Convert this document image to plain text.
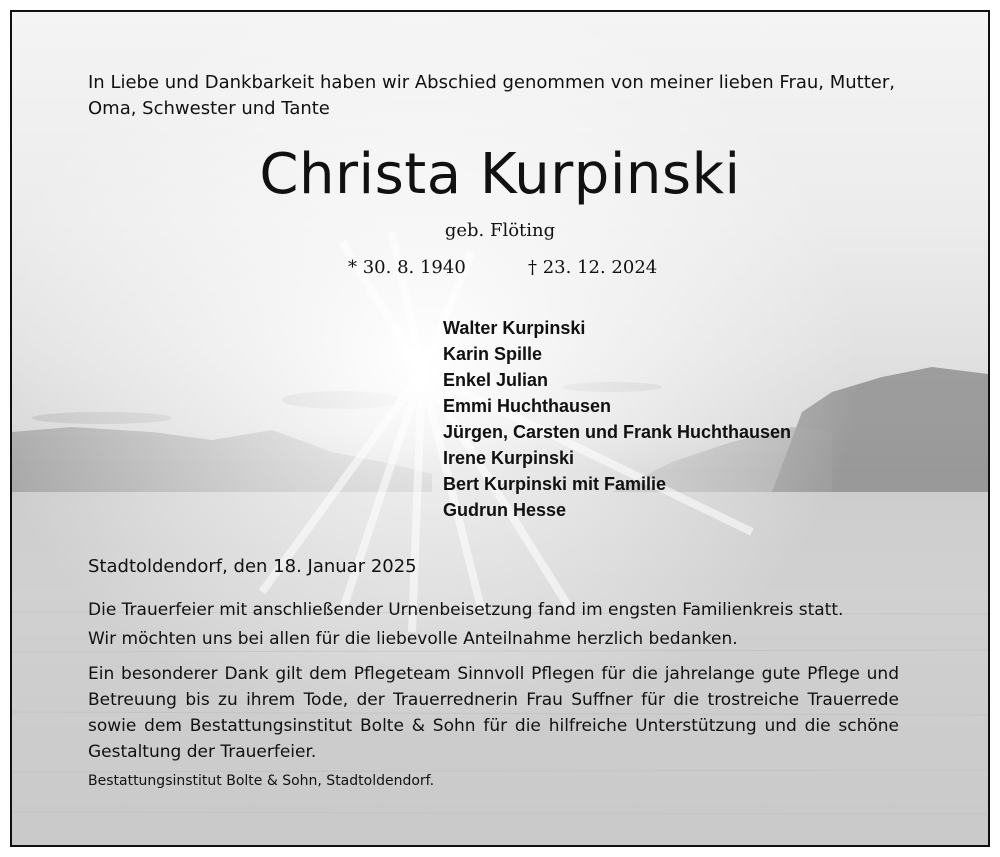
In Liebe und Dankbarkeit haben wir Abschied genommen von meiner lieben Frau, Mutter, Oma, Schwester und Tante
Christa Kurpinski
geb. Flöting
* 30. 8. 1940	† 23. 12. 2024
Walter Kurpinski
Karin Spille
Enkel Julian
Emmi Huchthausen
Jürgen, Carsten und Frank Huchthausen
Irene Kurpinski
Bert Kurpinski mit Familie
Gudrun Hesse
Stadtoldendorf, den 18. Januar 2025
Die Trauerfeier mit anschließender Urnenbeisetzung fand im engsten Familienkreis statt.
Wir möchten uns bei allen für die liebevolle Anteilnahme herzlich bedanken.
Ein besonderer Dank gilt dem Pflegeteam Sinnvoll Pflegen für die jahrelange gute Pflege und Betreuung bis zu ihrem Tode, der Trauerrednerin Frau Suffner für die trostreiche Trauerrede sowie dem Bestattungsinstitut Bolte & Sohn für die hilfreiche Unterstützung und die schöne Gestaltung der Trauerfeier.
Bestattungsinstitut Bolte & Sohn, Stadtoldendorf.
